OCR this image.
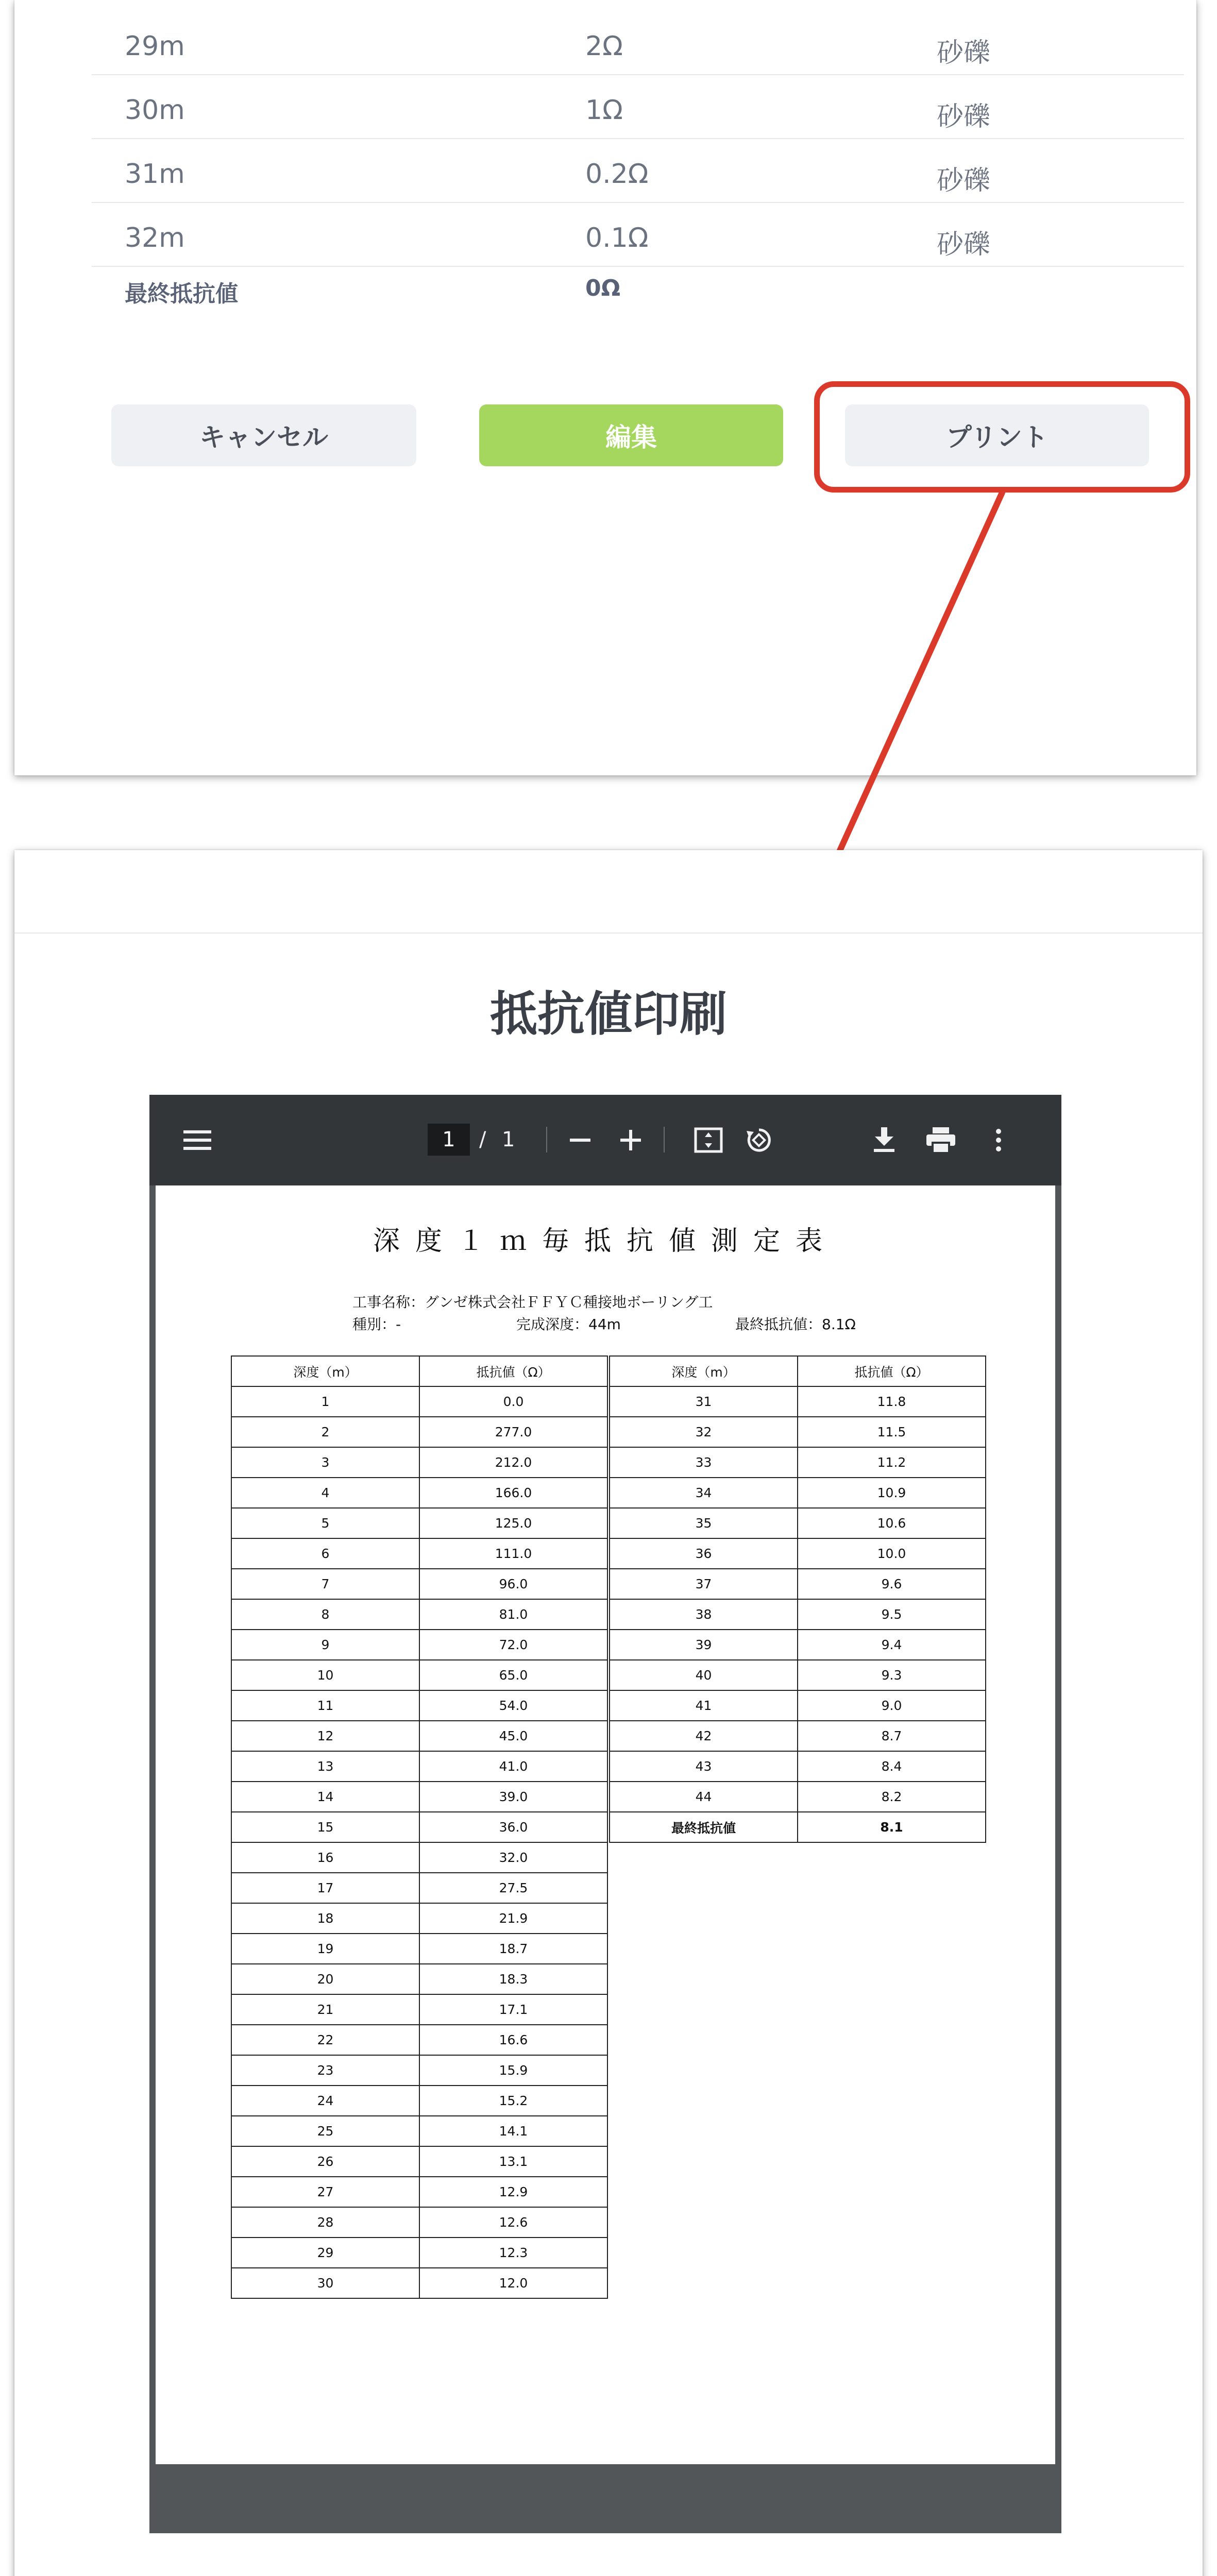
29m	2Ω	砂礫
30m	1Ω	砂礫
31m	0.2Ω	砂礫
32m	0.1Ω	砂礫
最終抵抗値	0Ω
キャンセル	編集	プリント
抵抗値印刷
1	/ 1
深度１ｍ毎抵抗値測定表
工事名称：グンゼ株式会社ＦＦＹＣ種接地ボーリング工
種別：-	完成深度：44m	最終抵抗値：8.1Ω
深度（m）	抵抗値（Ω）
1	0.0
2	277.0
3	212.0
4	166.0
5	125.0
6	111.0
7	96.0
8	81.0
9	72.0
10	65.0
11	54.0
12	45.0
13	41.0
14	39.0
15	36.0
16	32.0
17	27.5
18	21.9
19	18.7
20	18.3
21	17.1
22	16.6
23	15.9
24	15.2
25	14.1
26	13.1
27	12.9
28	12.6
29	12.3
30	12.0
深度（m）	抵抗値（Ω）
31	11.8
32	11.5
33	11.2
34	10.9
35	10.6
36	10.0
37	9.6
38	9.5
39	9.4
40	9.3
41	9.0
42	8.7
43	8.4
44	8.2
最終抵抗値	8.1
